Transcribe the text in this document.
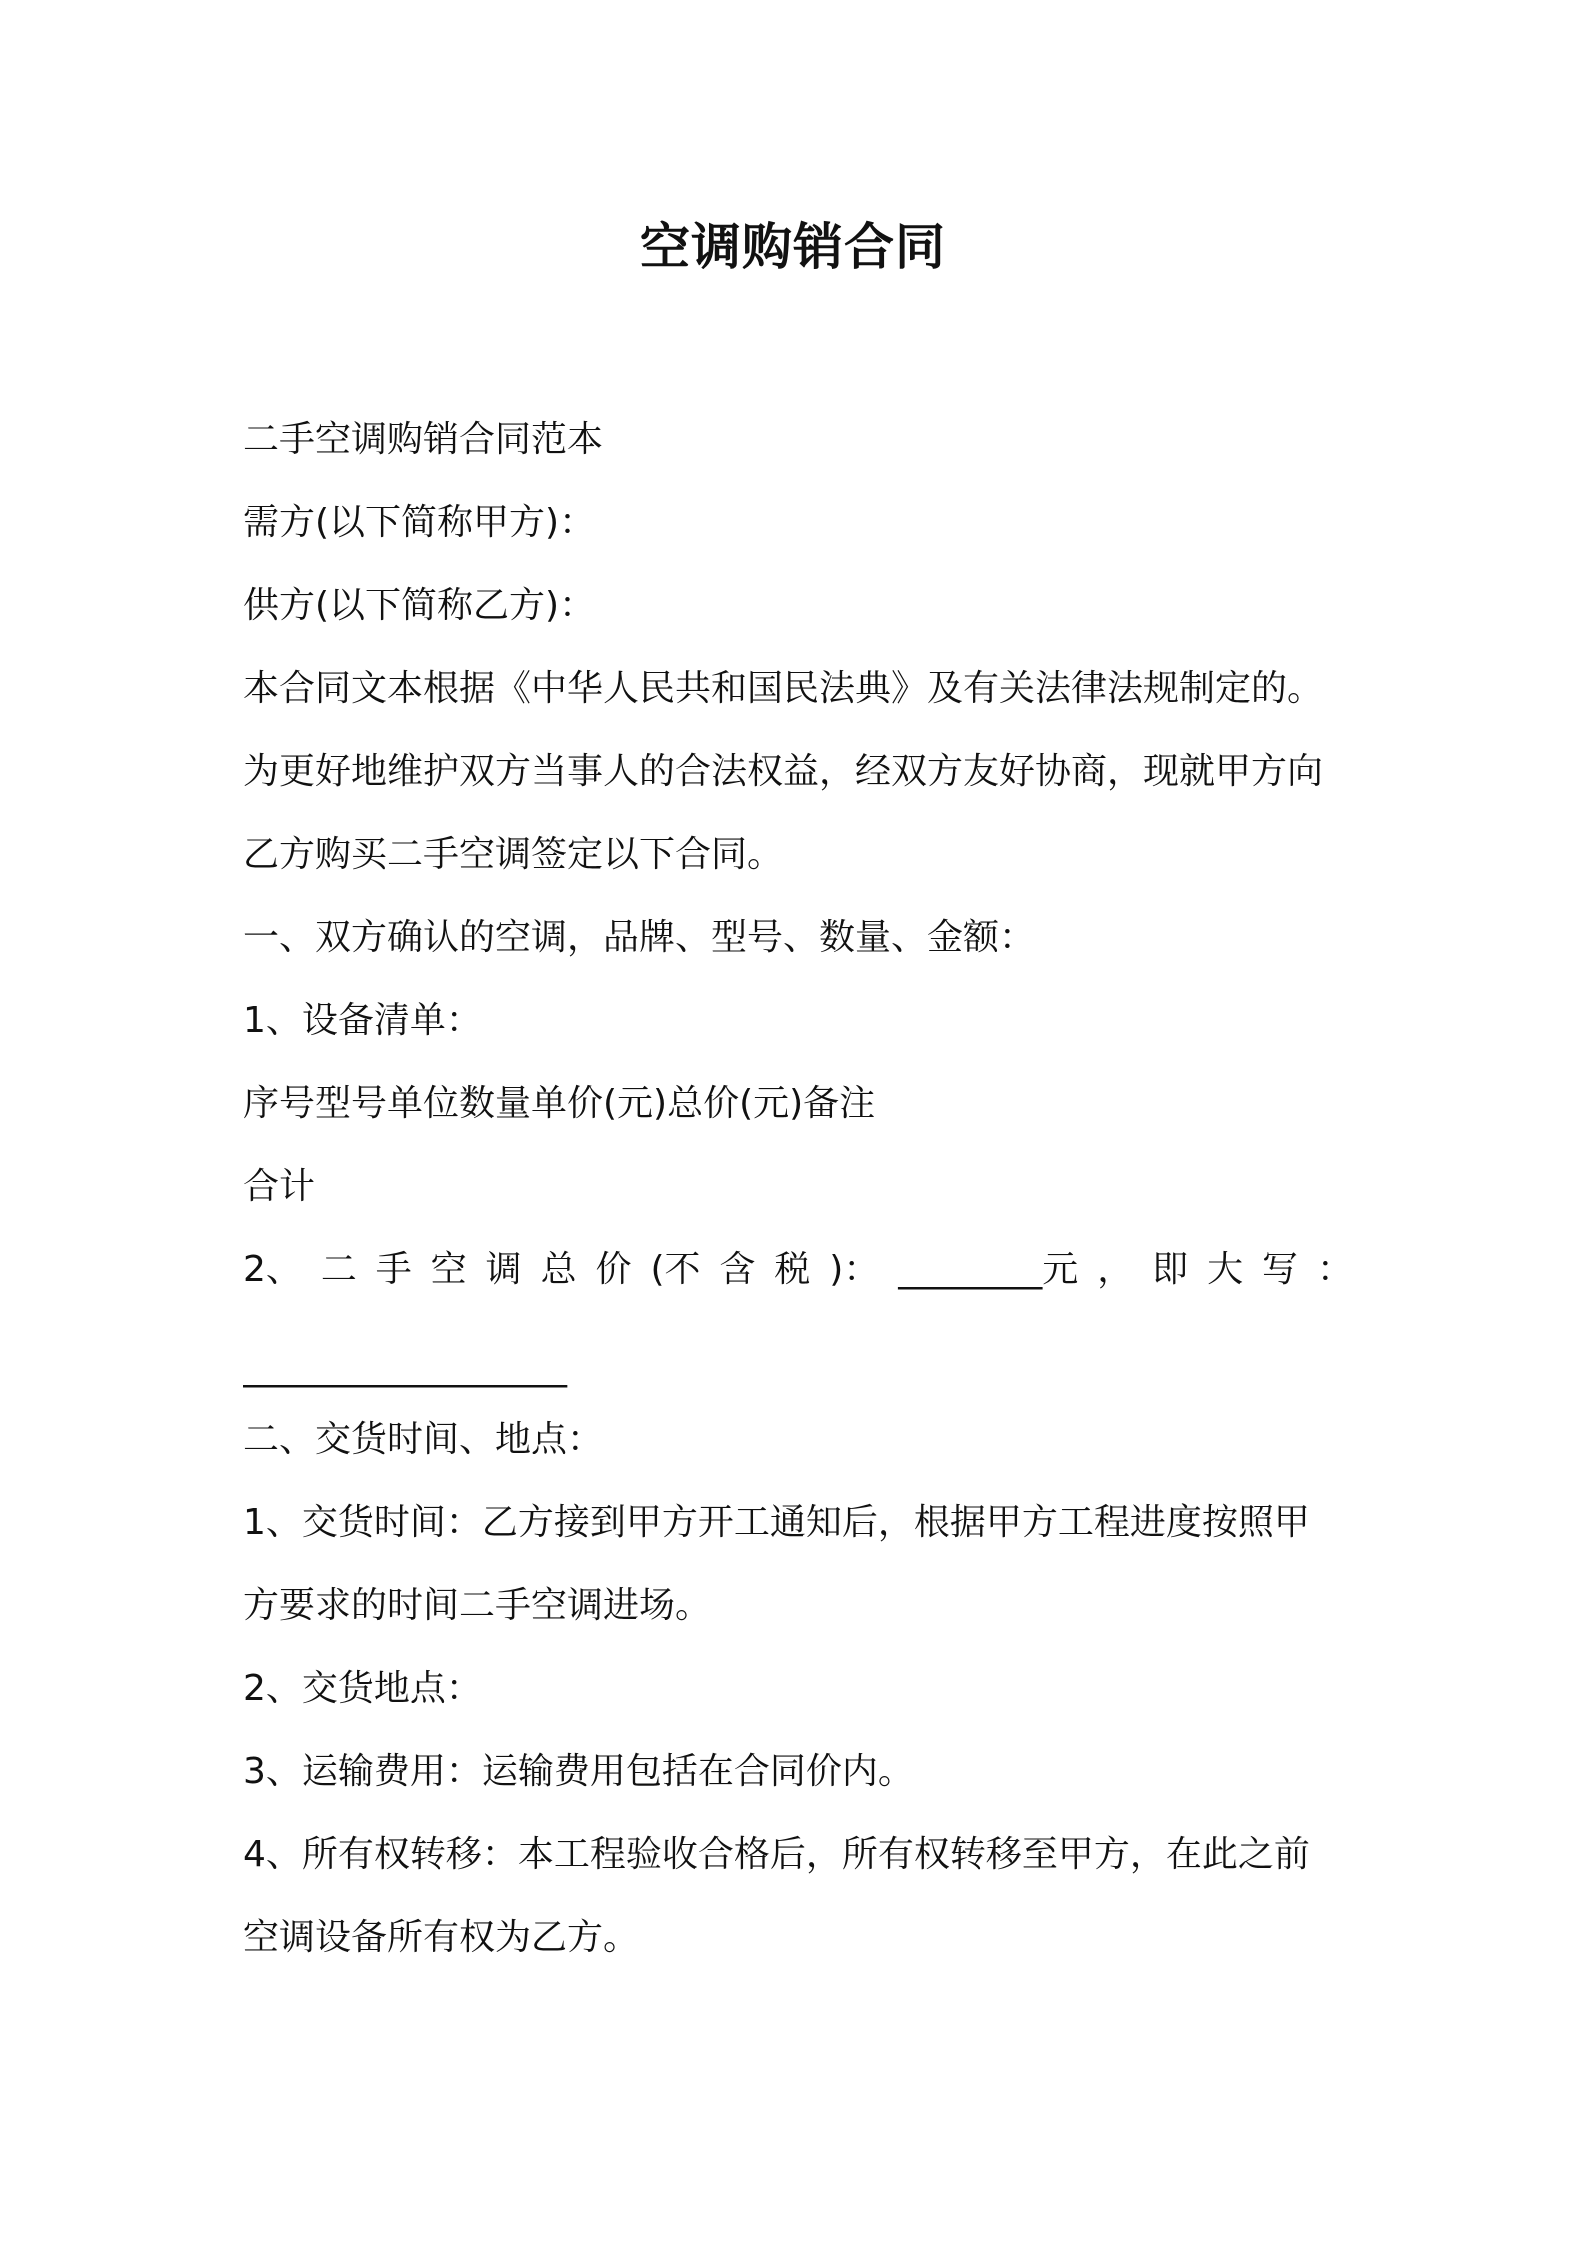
空调购销合同
二手空调购销合同范本
需方(以下简称甲方)：
供方(以下简称乙方)：
本合同文本根据《中华人民共和国民法典》及有关法律法规制定的。
为更好地维护双方当事人的合法权益，经双方友好协商，现就甲方向
乙方购买二手空调签定以下合同。
一、双方确认的空调，品牌、型号、数量、金额：
1、设备清单：
序号型号单位数量单价(元)总价(元)备注
合计
2、 二 手 空 调 总 价 (不 含 税 )： ________元 ， 即 大 写 ：
__________________
二、交货时间、地点：
1、交货时间：乙方接到甲方开工通知后，根据甲方工程进度按照甲
方要求的时间二手空调进场。
2、交货地点：
3、运输费用：运输费用包括在合同价内。
4、所有权转移：本工程验收合格后，所有权转移至甲方，在此之前
空调设备所有权为乙方。
